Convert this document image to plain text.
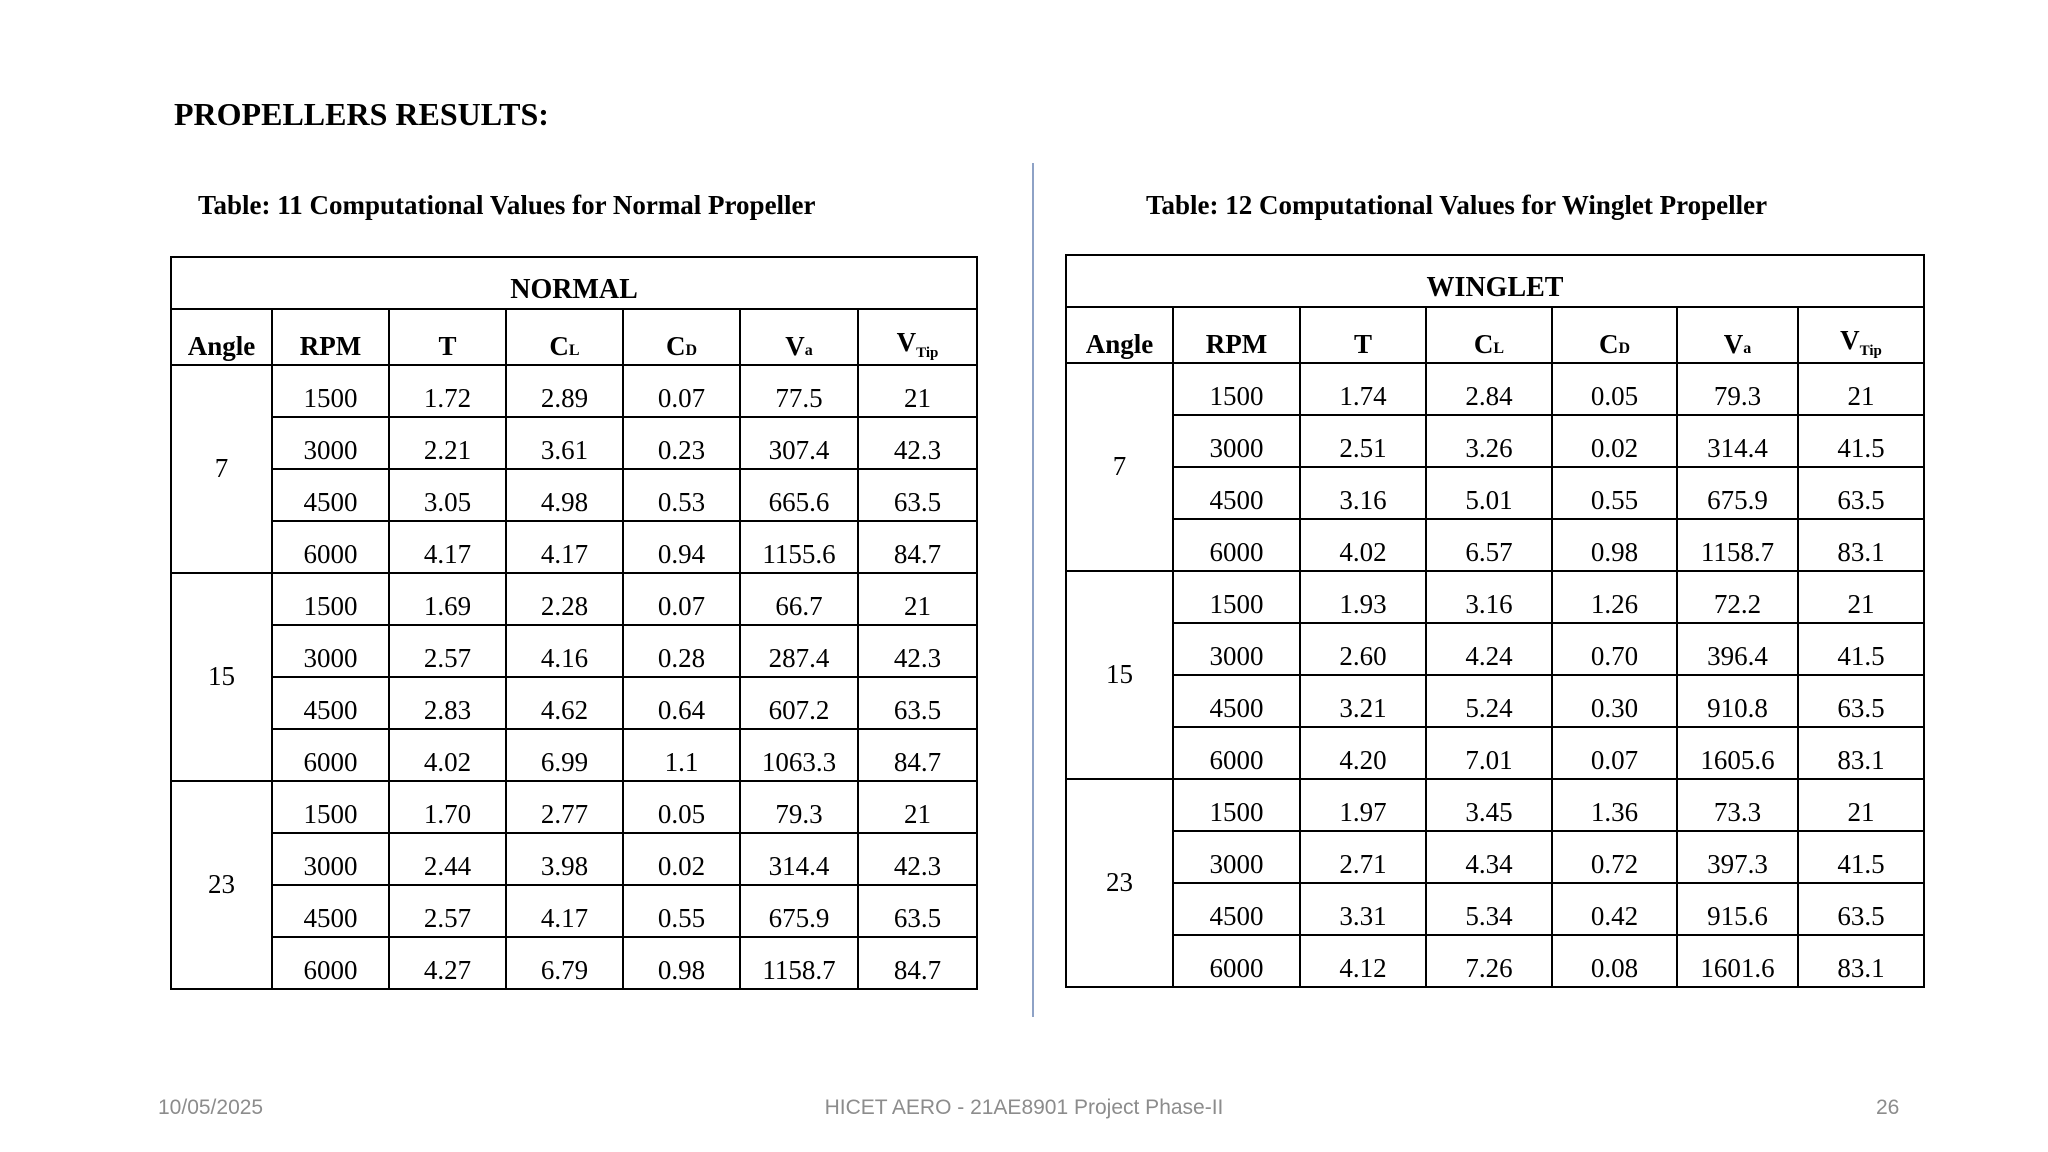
PROPELLERS RESULTS:
Table: 11 Computational Values for Normal Propeller	Table: 12 Computational Values for Winglet Propeller
NORMAL						
Angle	RPM	T	CL	CD	Va	$V_{Tip}$
7	1500	1.72	2.89	0.07	77.5	21
	3000	2.21	3.61	0.23	307.4	42.3
	4500	3.05	4.98	0.53	665.6	63.5
	6000	4.17	4.17	0.94	1155.6	84.7
15	1500	1.69	2.28	0.07	66.7	21
	3000	2.57	4.16	0.28	287.4	42.3
	4500	2.83	4.62	0.64	607.2	63.5
	6000	4.02	6.99	1.1	1063.3	84.7
23	1500	1.70	2.77	0.05	79.3	21
	3000	2.44	3.98	0.02	314.4	42.3
	4500	2.57	4.17	0.55	675.9	63.5
	6000	4.27	6.79	0.98	1158.7	84.7
WINGLET						
Angle	RPM	T	CL	CD	Va	$V_{Tip}$
7	1500	1.74	2.84	0.05	79.3	21
	3000	2.51	3.26	0.02	314.4	41.5
	4500	3.16	5.01	0.55	675.9	63.5
	6000	4.02	6.57	0.98	1158.7	83.1
15	1500	1.93	3.16	1.26	72.2	21
	3000	2.60	4.24	0.70	396.4	41.5
	4500	3.21	5.24	0.30	910.8	63.5
	6000	4.20	7.01	0.07	1605.6	83.1
23	1500	1.97	3.45	1.36	73.3	21
	3000	2.71	4.34	0.72	397.3	41.5
	4500	3.31	5.34	0.42	915.6	63.5
	6000	4.12	7.26	0.08	1601.6	83.1
10/05/2025	HICET AERO - 21AE8901 Project Phase-II	26
